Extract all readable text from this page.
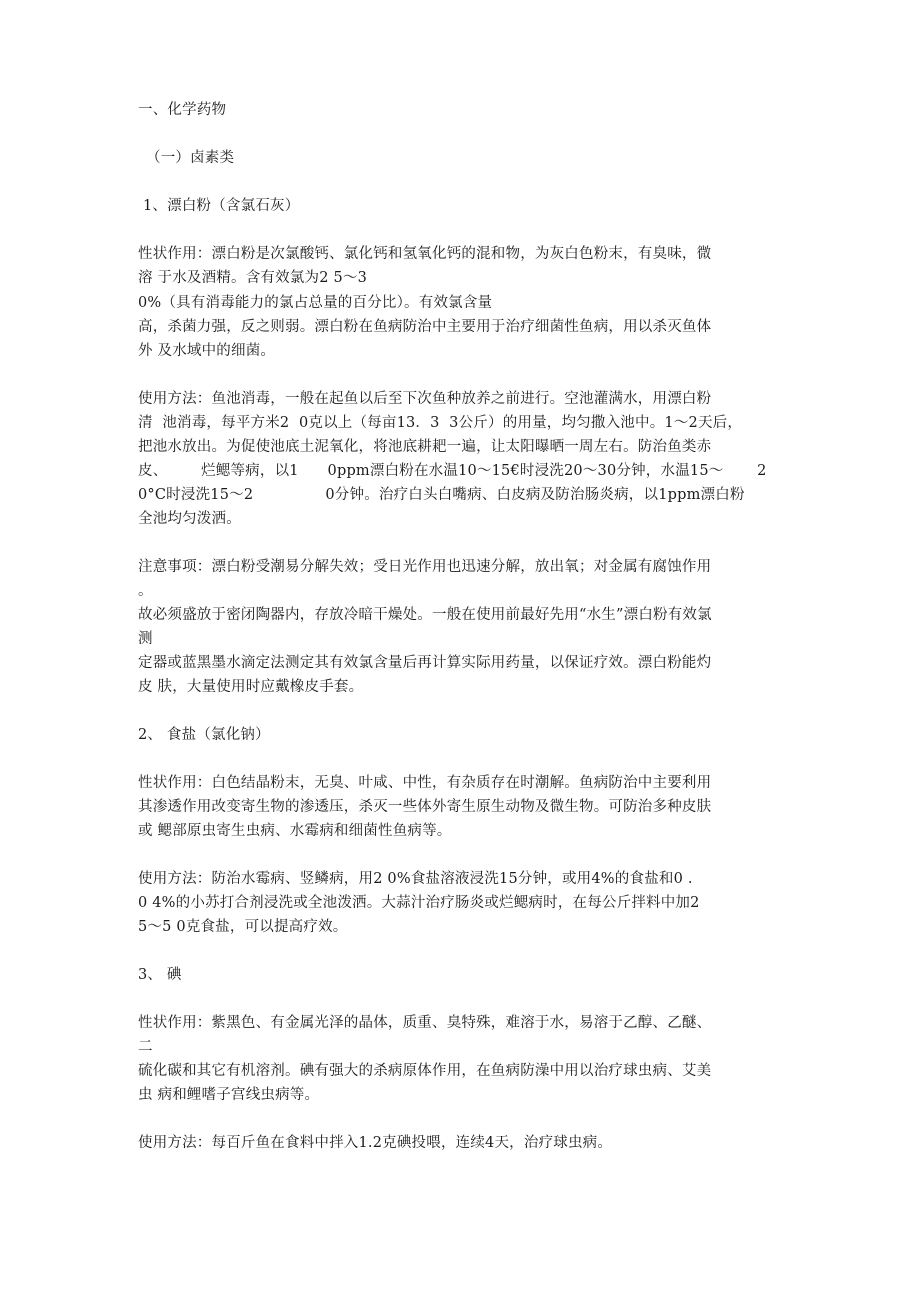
一、化学药物
（一）卤素类
1、漂白粉（含氯石灰）
性状作用：漂白粉是次氯酸钙、氯化钙和氢氧化钙的混和物，为灰白色粉末，有臭味，微
溶 于水及酒精。含有效氯为2 5～3
0%（具有消毒能力的氯占总量的百分比）。有效氯含量
高，杀菌力强，反之则弱。漂白粉在鱼病防治中主要用于治疗细菌性鱼病，用以杀灭鱼体
外 及水域中的细菌。
使用方法：鱼池消毒，一般在起鱼以后至下次鱼种放养之前进行。空池灌满水，用漂白粉
清  池消毒，每平方米2  0克以上（每亩13．3  3公斤）的用量，均匀撒入池中。1～2天后，
把池水放出。为促使池底土泥氧化，将池底耕耙一遍，让太阳曝晒一周左右。防治鱼类赤
皮、       烂鳃等病，以1      0ppm漂白粉在水温10～15€时浸洗20～30分钟，水温15～       2
0°C时浸洗15～2               0分钟。治疗白头白嘴病、白皮病及防治肠炎病，以1ppm漂白粉
全池均匀泼洒。
注意事项：漂白粉受潮易分解失效；受日光作用也迅速分解，放出氧；对金属有腐蚀作用
。
故必须盛放于密闭陶器内，存放冷暗干燥处。一般在使用前最好先用“水生”漂白粉有效氯
测
定器或蓝黑墨水滴定法测定其有效氯含量后再计算实际用药量，以保证疗效。漂白粉能灼
皮 肤，大量使用时应戴橡皮手套。
2、 食盐（氯化钠）
性状作用：白色结晶粉末，无臭、叶咸、中性，有杂质存在时潮解。鱼病防治中主要利用
其渗透作用改变寄生物的渗透压，杀灭一些体外寄生原生动物及微生物。可防治多种皮肤
或 鳃部原虫寄生虫病、水霉病和细菌性鱼病等。
使用方法：防治水霉病、竖鳞病，用2 0%食盐溶液浸洗15分钟，或用4%的食盐和0 .
0 4%的小苏打合剂浸洗或全池泼洒。大蒜汁治疗肠炎或烂鳃病时，在每公斤拌料中加2
5～5 0克食盐，可以提高疗效。
3、 碘
性状作用：紫黑色、有金属光泽的晶体，质重、臭特殊，难溶于水，易溶于乙醇、乙醚、
二
硫化碳和其它有机溶剂。碘有强大的杀病原体作用，在鱼病防澡中用以治疗球虫病、艾美
虫 病和鲤嗜子宫线虫病等。
使用方法：每百斤鱼在食料中拌入1.2克碘投喂，连续4天，治疗球虫病。
